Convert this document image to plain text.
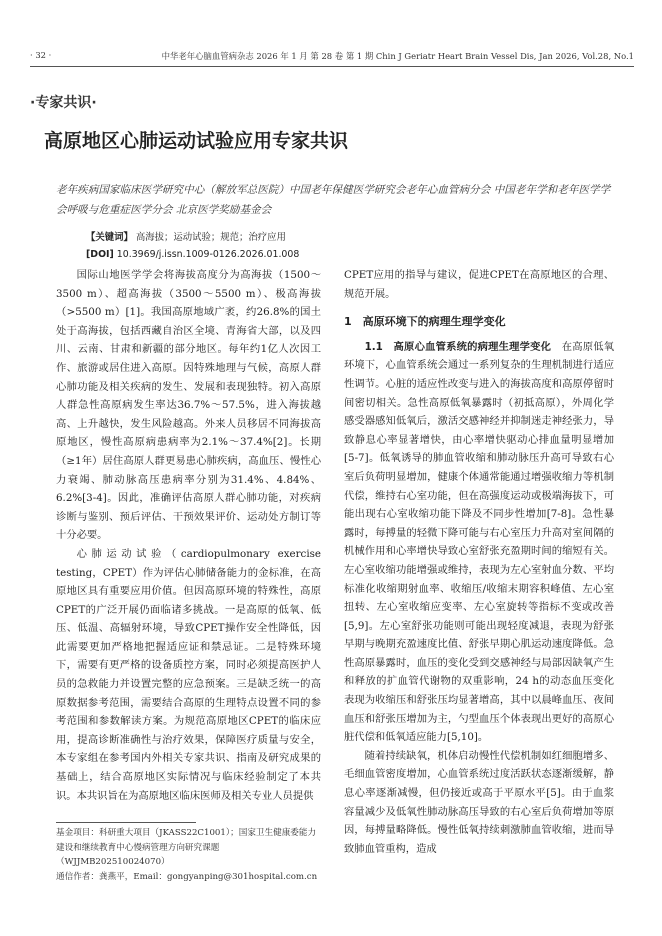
· 32 ·	中华老年心脑血管病杂志 2026 年 1 月 第 28 卷 第 1 期 Chin J Geriatr Heart Brain Vessel Dis, Jan 2026, Vol.28, No.1
·专家共识·
高原地区心肺运动试验应用专家共识
老年疾病国家临床医学研究中心（解放军总医院）中国老年保健医学研究会老年心血管病分会 中国老年学和老年医学学会呼吸与危重症医学分会 北京医学奖励基金会
【关键词】 高海拔；运动试验；规范；治疗应用
[DOI] 10.3969/j.issn.1009-0126.2026.01.008

国际山地医学学会将海拔高度分为高海拔（1500～3500 m）、超高海拔（3500～5500 m）、极高海拔（>5500 m）[1]。我国高原地域广袤，约26.8%的国土处于高海拔，包括西藏自治区全境、青海省大部，以及四川、云南、甘肃和新疆的部分地区。每年约1亿人次因工作、旅游或居住进入高原。因特殊地理与气候，高原人群心肺功能及相关疾病的发生、发展和表现独特。初入高原人群急性高原病发生率达36.7%～57.5%，进入海拔越高、上升越快，发生风险越高。外来人员移居不同海拔高原地区，慢性高原病患病率为2.1%～37.4%[2]。长期（≥1年）居住高原人群更易患心肺疾病，高血压、慢性心力衰竭、肺动脉高压患病率分别为31.4%、4.84%、6.2%[3-4]。因此，准确评估高原人群心肺功能，对疾病诊断与鉴别、预后评估、干预效果评价、运动处方制订等十分必要。

心肺运动试验（cardiopulmonary exercise testing，CPET）作为评估心肺储备能力的金标准，在高原地区具有重要应用价值。但因高原环境的特殊性，高原CPET的广泛开展仍面临诸多挑战。一是高原的低氧、低压、低温、高辐射环境，导致CPET操作安全性降低，因此需要更加严格地把握适应证和禁忌证。二是特殊环境下，需要有更严格的设备质控方案，同时必须提高医护人员的急救能力并设置完整的应急预案。三是缺乏统一的高原数据参考范围，需要结合高原的生理特点设置不同的参考范围和参数解读方案。为规范高原地区CPET的临床应用，提高诊断准确性与治疗效果，保障医疗质量与安全，本专家组在参考国内外相关专家共识、指南及研究成果的基础上，结合高原地区实际情况与临床经验制定了本共识。本共识旨在为高原地区临床医师及相关专业人员提供

CPET应用的指导与建议，促进CPET在高原地区的合理、规范开展。

1　高原环境下的病理生理学变化

1.1　高原心血管系统的病理生理学变化　 在高原低氧环境下，心血管系统会通过一系列复杂的生理机制进行适应性调节。心脏的适应性改变与进入的海拔高度和高原停留时间密切相关。急性高原低氧暴露时（初抵高原），外周化学感受器感知低氧后，激活交感神经并抑制迷走神经张力，导致静息心率显著增快，由心率增快驱动心排血量明显增加[5-7]。低氧诱导的肺血管收缩和肺动脉压升高可导致右心室后负荷明显增加，健康个体通常能通过增强收缩力等机制代偿，维持右心室功能，但在高强度运动或极端海拔下，可能出现右心室收缩功能下降及不同步性增加[7-8]。急性暴露时，每搏量的轻微下降可能与右心室压力升高对室间隔的机械作用和心率增快导致心室舒张充盈期时间的缩短有关。左心室收缩功能增强或维持，表现为左心室射血分数、平均标准化收缩期射血率、收缩压/收缩末期容积峰值、左心室扭转、左心室收缩应变率、左心室旋转等指标不变或改善[5,9]。左心室舒张功能则可能出现轻度减退，表现为舒张早期与晚期充盈速度比值、舒张早期心肌运动速度降低。急性高原暴露时，血压的变化受到交感神经与局部因缺氧产生和释放的扩血管代谢物的双重影响，24 h的动态血压变化表现为收缩压和舒张压均显著增高，其中以晨峰血压、夜间血压和舒张压增加为主，勺型血压个体表现出更好的高原心脏代偿和低氧适应能力[5,10]。

随着持续缺氧，机体启动慢性代偿机制如红细胞增多、毛细血管密度增加，心血管系统过度活跃状态逐渐缓解，静息心率逐渐减慢，但仍接近或高于平原水平[5]。由于血浆容量减少及低氧性肺动脉高压导致的右心室后负荷增加等原因，每搏量略降低。慢性低氧持续刺激肺血管收缩，进而导致肺血管重构，造成

基金项目：科研重大项目（JKASS22C1001）；国家卫生健康委能力建设和继续教育中心慢病管理方向研究课题（WJJMB202510024070）

通信作者：龚燕平，Email：gongyanping@301hospital.com.cn
